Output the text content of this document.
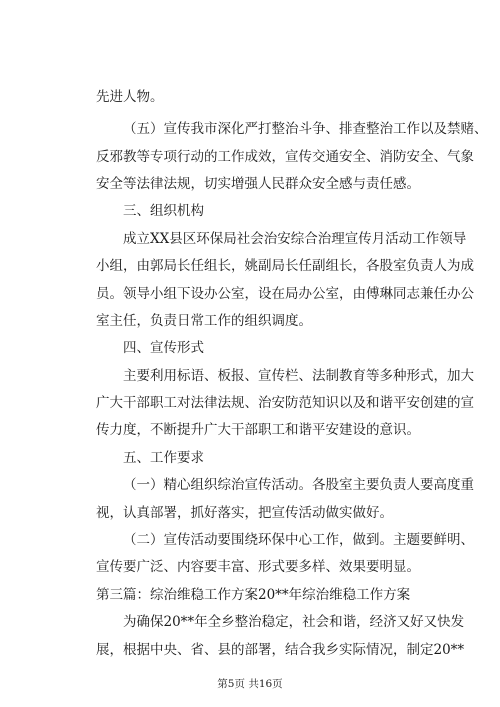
先进人物。
（五）宣传我市深化严打整治斗争、排查整治工作以及禁赌、
反邪教等专项行动的工作成效，宣传交通安全、消防安全、气象
安全等法律法规，切实增强人民群众安全感与责任感。
三、组织机构
成立XX县区环保局社会治安综合治理宣传月活动工作领导
小组，由郭局长任组长，姚副局长任副组长，各股室负责人为成
员。领导小组下设办公室，设在局办公室，由傅琳同志兼任办公
室主任，负责日常工作的组织调度。
四、宣传形式
主要利用标语、板报、宣传栏、法制教育等多种形式，加大
广大干部职工对法律法规、治安防范知识以及和谐平安创建的宣
传力度，不断提升广大干部职工和谐平安建设的意识。
五、工作要求
（一）精心组织综治宣传活动。各股室主要负责人要高度重
视，认真部署，抓好落实，把宣传活动做实做好。
（二）宣传活动要围绕环保中心工作，做到。主题要鲜明、
宣传要广泛、内容要丰富、形式要多样、效果要明显。
第三篇：综治维稳工作方案20**年综治维稳工作方案
为确保20**年全乡整治稳定，社会和谐，经济又好又快发
展，根据中央、省、县的部署，结合我乡实际情况，制定20**
第5页 共16页
